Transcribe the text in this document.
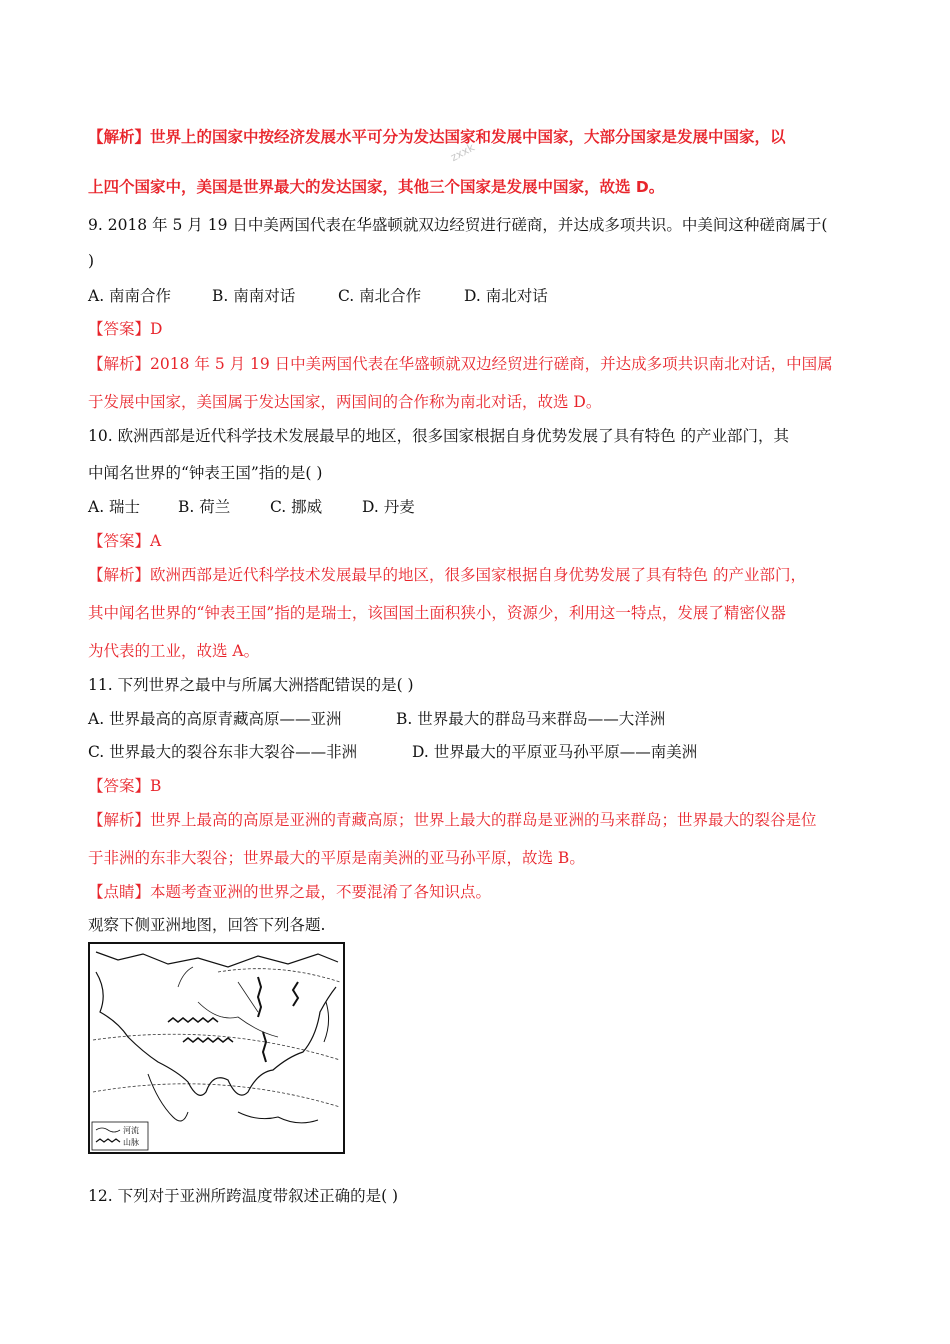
zxxk
【解析】世界上的国家中按经济发展水平可分为发达国家和发展中国家，大部分国家是发展中国家，以
上四个国家中，美国是世界最大的发达国家，其他三个国家是发展中国家，故选 D。
9. 2018 年 5 月 19 日中美两国代表在华盛顿就双边经贸进行磋商，并达成多项共识。中美间这种磋商属于(
)
A. 南南合作	B. 南南对话	C. 南北合作	D. 南北对话
【答案】D
【解析】2018 年 5 月 19 日中美两国代表在华盛顿就双边经贸进行磋商，并达成多项共识南北对话，中国属
于发展中国家，美国属于发达国家，两国间的合作称为南北对话，故选 D。
10. 欧洲西部是近代科学技术发展最早的地区，很多国家根据自身优势发展了具有特色 的产业部门，其
中闻名世界的“钟表王国”指的是( )
A. 瑞士 B. 荷兰	C. 挪威	D. 丹麦
【答案】A
【解析】欧洲西部是近代科学技术发展最早的地区，很多国家根据自身优势发展了具有特色 的产业部门，
其中闻名世界的“钟表王国”指的是瑞士，该国国土面积狭小，资源少，利用这一特点，发展了精密仪器
为代表的工业，故选 A。
11. 下列世界之最中与所属大洲搭配错误的是( )
A. 世界最高的高原青藏高原——亚洲	B. 世界最大的群岛马来群岛——大洋洲
C. 世界最大的裂谷东非大裂谷——非洲	D. 世界最大的平原亚马孙平原——南美洲
【答案】B
【解析】世界上最高的高原是亚洲的青藏高原；世界上最大的群岛是亚洲的马来群岛；世界最大的裂谷是位
于非洲的东非大裂谷；世界最大的平原是南美洲的亚马孙平原，故选 B。
【点睛】本题考查亚洲的世界之最，不要混淆了各知识点。
观察下侧亚洲地图，回答下列各题.
河流
山脉
12. 下列对于亚洲所跨温度带叙述正确的是( )
